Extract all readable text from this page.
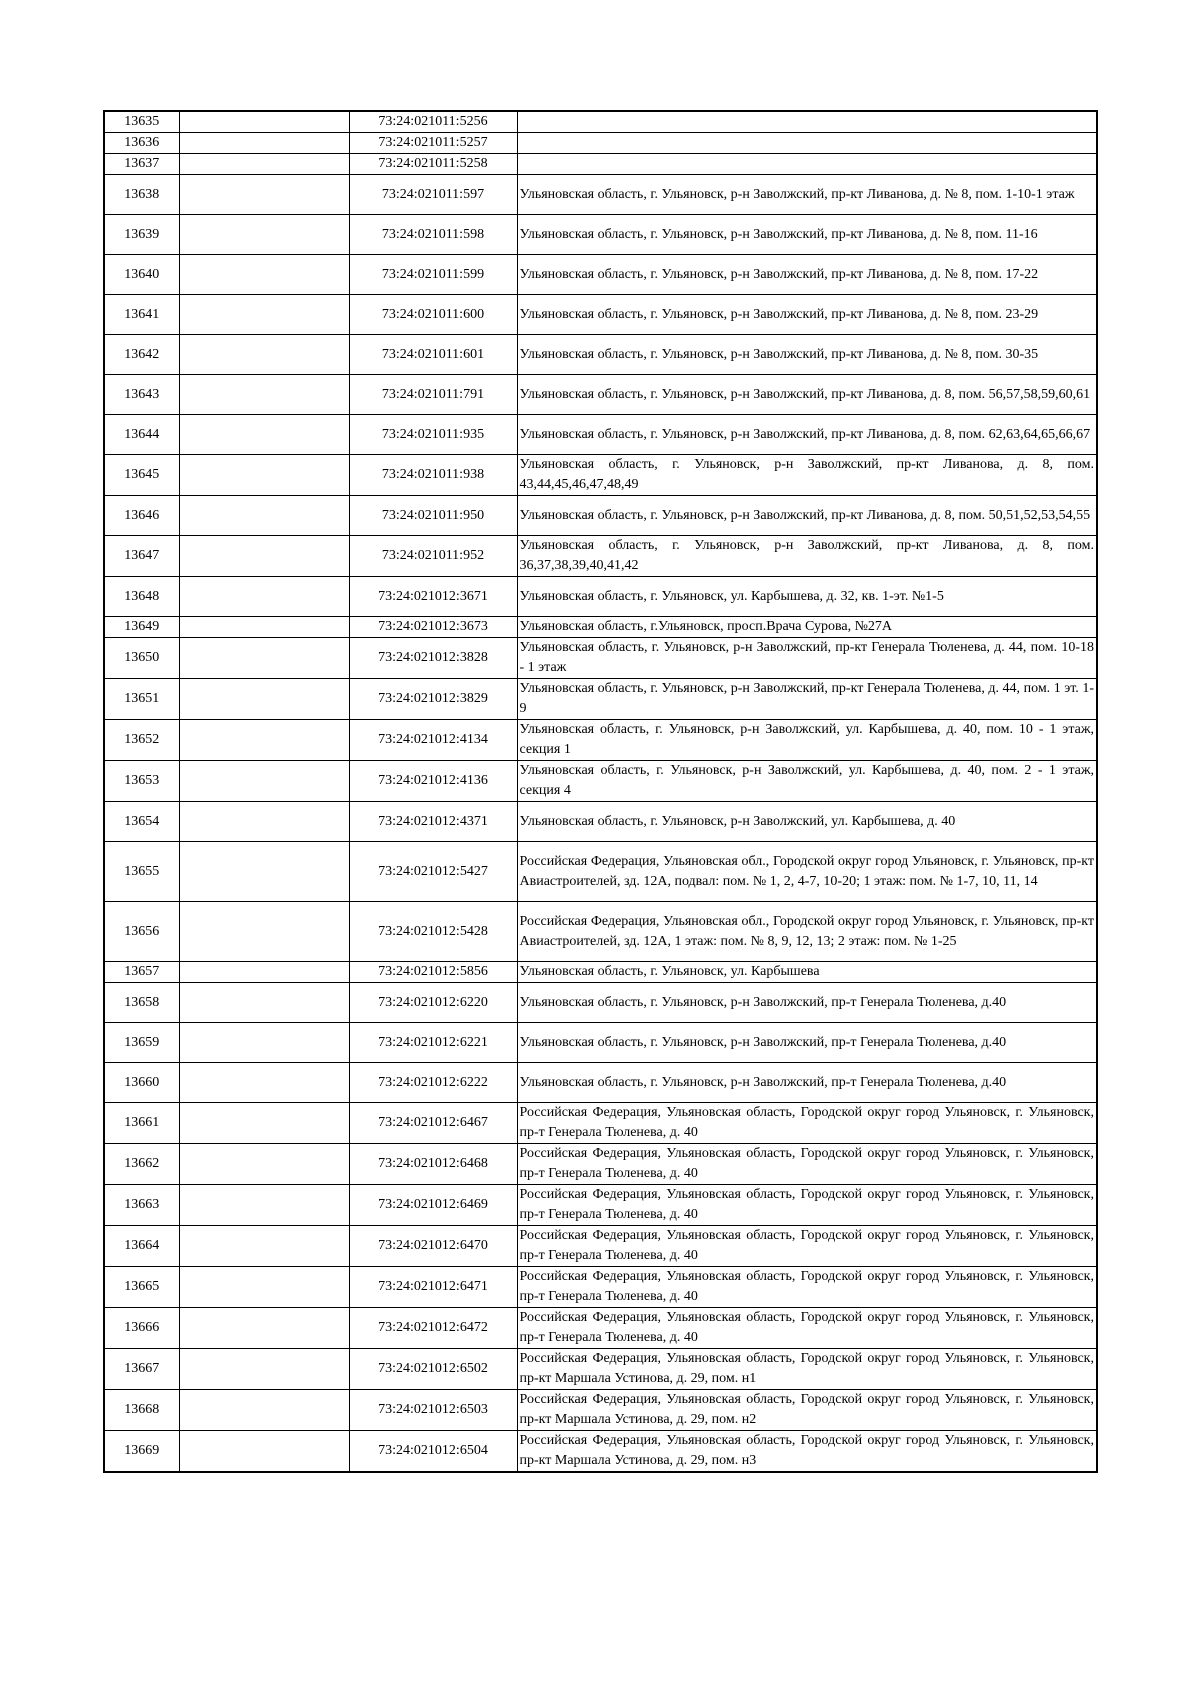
13635		73:24:021011:5256	
13636		73:24:021011:5257	
13637		73:24:021011:5258	
13638		73:24:021011:597	Ульяновская область, г. Ульяновск, р-н Заволжский, пр-кт Ливанова, д. № 8, пом. 1-10-1 этаж
13639		73:24:021011:598	Ульяновская область, г. Ульяновск, р-н Заволжский, пр-кт Ливанова, д. № 8, пом. 11-16
13640		73:24:021011:599	Ульяновская область, г. Ульяновск, р-н Заволжский, пр-кт Ливанова, д. № 8, пом. 17-22
13641		73:24:021011:600	Ульяновская область, г. Ульяновск, р-н Заволжский, пр-кт Ливанова, д. № 8, пом. 23-29
13642		73:24:021011:601	Ульяновская область, г. Ульяновск, р-н Заволжский, пр-кт Ливанова, д. № 8, пом. 30-35
13643		73:24:021011:791	Ульяновская область, г. Ульяновск, р-н Заволжский, пр-кт Ливанова, д. 8, пом. 56,57,58,59,60,61
13644		73:24:021011:935	Ульяновская область, г. Ульяновск, р-н Заволжский, пр-кт Ливанова, д. 8, пом. 62,63,64,65,66,67
13645		73:24:021011:938	Ульяновская область, г. Ульяновск, р-н Заволжский, пр-кт Ливанова, д. 8, пом. 43,44,45,46,47,48,49
13646		73:24:021011:950	Ульяновская область, г. Ульяновск, р-н Заволжский, пр-кт Ливанова, д. 8, пом. 50,51,52,53,54,55
13647		73:24:021011:952	Ульяновская область, г. Ульяновск, р-н Заволжский, пр-кт Ливанова, д. 8, пом. 36,37,38,39,40,41,42
13648		73:24:021012:3671	Ульяновская область, г. Ульяновск, ул. Карбышева, д. 32, кв. 1-эт. №1-5
13649		73:24:021012:3673	Ульяновская область, г.Ульяновск, просп.Врача Сурова, №27А
13650		73:24:021012:3828	Ульяновская область, г. Ульяновск, р-н Заволжский, пр-кт Генерала Тюленева, д. 44, пом. 10-18 - 1 этаж
13651		73:24:021012:3829	Ульяновская область, г. Ульяновск, р-н Заволжский, пр-кт Генерала Тюленева, д. 44, пом. 1 эт. 1-9
13652		73:24:021012:4134	Ульяновская область, г. Ульяновск, р-н Заволжский, ул. Карбышева, д. 40, пом. 10 - 1 этаж, секция 1
13653		73:24:021012:4136	Ульяновская область, г. Ульяновск, р-н Заволжский, ул. Карбышева, д. 40, пом. 2 - 1 этаж, секция 4
13654		73:24:021012:4371	Ульяновская область, г. Ульяновск, р-н Заволжский, ул. Карбышева, д. 40
13655		73:24:021012:5427	Российская Федерация, Ульяновская обл., Городской округ город Ульяновск, г. Ульяновск, пр-кт Авиастроителей, зд. 12А, подвал: пом. № 1, 2, 4-7, 10-20; 1 этаж: пом. № 1-7, 10, 11, 14
13656		73:24:021012:5428	Российская Федерация, Ульяновская обл., Городской округ город Ульяновск, г. Ульяновск, пр-кт Авиастроителей, зд. 12А, 1 этаж: пом. № 8, 9, 12, 13; 2 этаж: пом. № 1-25
13657		73:24:021012:5856	Ульяновская область, г. Ульяновск, ул. Карбышева
13658		73:24:021012:6220	Ульяновская область, г. Ульяновск, р-н Заволжский, пр-т Генерала Тюленева, д.40
13659		73:24:021012:6221	Ульяновская область, г. Ульяновск, р-н Заволжский, пр-т Генерала Тюленева, д.40
13660		73:24:021012:6222	Ульяновская область, г. Ульяновск, р-н Заволжский, пр-т Генерала Тюленева, д.40
13661		73:24:021012:6467	Российская Федерация, Ульяновская область, Городской округ город Ульяновск, г. Ульяновск, пр-т Генерала Тюленева, д. 40
13662		73:24:021012:6468	Российская Федерация, Ульяновская область, Городской округ город Ульяновск, г. Ульяновск, пр-т Генерала Тюленева, д. 40
13663		73:24:021012:6469	Российская Федерация, Ульяновская область, Городской округ город Ульяновск, г. Ульяновск, пр-т Генерала Тюленева, д. 40
13664		73:24:021012:6470	Российская Федерация, Ульяновская область, Городской округ город Ульяновск, г. Ульяновск, пр-т Генерала Тюленева, д. 40
13665		73:24:021012:6471	Российская Федерация, Ульяновская область, Городской округ город Ульяновск, г. Ульяновск, пр-т Генерала Тюленева, д. 40
13666		73:24:021012:6472	Российская Федерация, Ульяновская область, Городской округ город Ульяновск, г. Ульяновск, пр-т Генерала Тюленева, д. 40
13667		73:24:021012:6502	Российская Федерация, Ульяновская область, Городской округ город Ульяновск, г. Ульяновск, пр-кт Маршала Устинова, д. 29, пом. н1
13668		73:24:021012:6503	Российская Федерация, Ульяновская область, Городской округ город Ульяновск, г. Ульяновск, пр-кт Маршала Устинова, д. 29, пом. н2
13669		73:24:021012:6504	Российская Федерация, Ульяновская область, Городской округ город Ульяновск, г. Ульяновск, пр-кт Маршала Устинова, д. 29, пом. н3
